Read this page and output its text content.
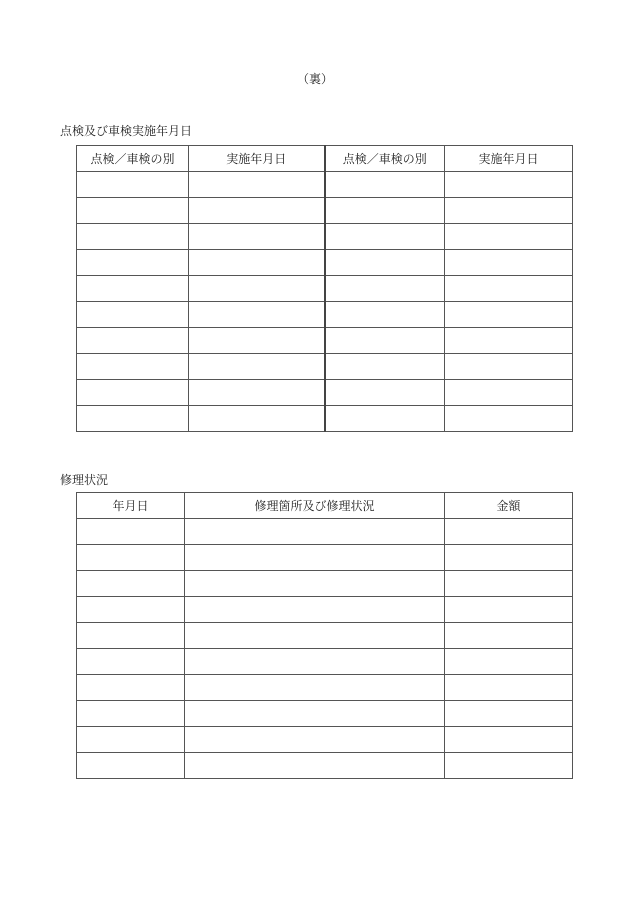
（裏）
点検及び車検実施年月日
点検／車検の別	実施年月日	点検／車検の別	実施年月日

修理状況
年月日	修理箇所及び修理状況	金額
